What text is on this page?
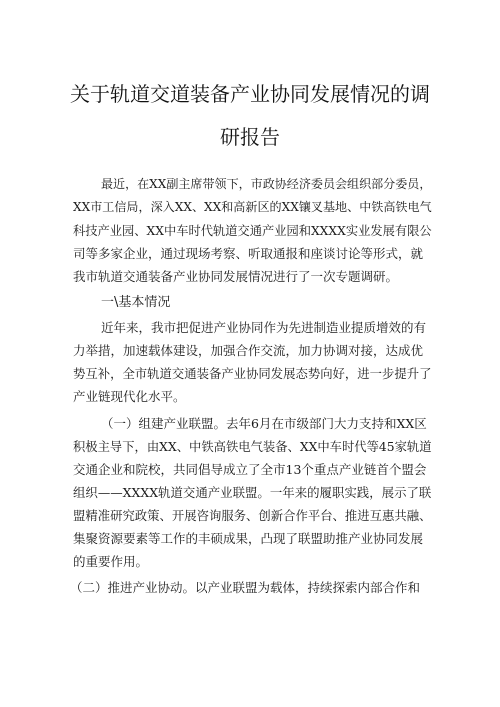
关于轨道交道装备产业协同发展情况的调
研报告
最近，在XX副主席带领下，市政协经济委员会组织部分委员，
XX市工信局，深入XX、XX和高新区的XX镶叉基地、中铁高铁电气
科技产业园、XX中车时代轨道交通产业园和XXXX实业发展有限公
司等多家企业，通过现场考察、听取通报和座谈讨论等形式，就
我市轨道交通装备产业协同发展情况进行了一次专题调研。
一\基本情况
近年来，我市把促进产业协同作为先进制造业提质增效的有
力举措，加速载体建设，加强合作交流，加力协调对接，达成优
势互补，全市轨道交通装备产业协同发展态势向好，进一步提升了
产业链现代化水平。
（一）组建产业联盟。去年6月在市级部门大力支持和XX区
积极主导下，由XX、中铁高铁电气装备、XX中车时代等45家轨道
交通企业和院校，共同倡导成立了全市13个重点产业链首个盟会
组织——XXXX轨道交通产业联盟。一年来的履职实践，展示了联
盟精准研究政策、开展咨询服务、创新合作平台、推进互惠共融、
集聚资源要素等工作的丰硕成果，凸现了联盟助推产业协同发展
的重要作用。
（二）推进产业协动。以产业联盟为载体，持续探索内部合作和
